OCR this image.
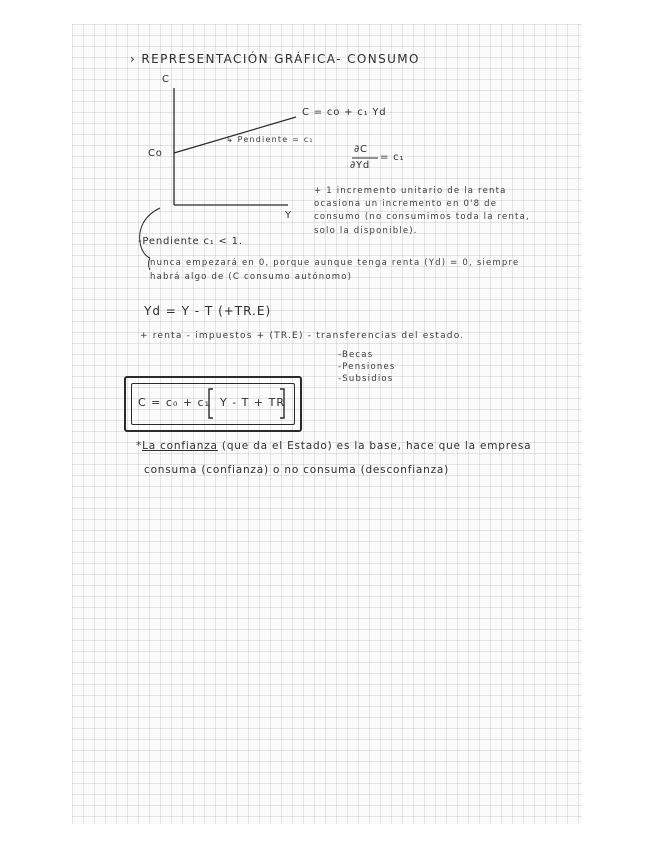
› REPRESENTACIÓN GRÁFICA- CONSUMO
C
Y
Co
C = co + c₁ Yd
↳ Pendiente = c₁
∂C
∂Yd
= c₁
+ 1 incremento unitario de la renta
ocasiona un incremento en 0'8 de
consumo (no consumimos toda la renta,
solo la disponible).
-Pendiente c₁ < 1.
nunca empezará en 0, porque aunque tenga renta (Yd) = 0, siempre
habrá algo de (C consumo autónomo)
Yd = Y - T (+TR.E)
+ renta - impuestos + (TR.E) - transferencias del estado.
-Becas
-Pensiones
-Subsidios
C = c₀ + c₁ Y - T + TR
*La confianza (que da el Estado) es la base, hace que la empresa
consuma (confianza) o no consuma (desconfianza)
